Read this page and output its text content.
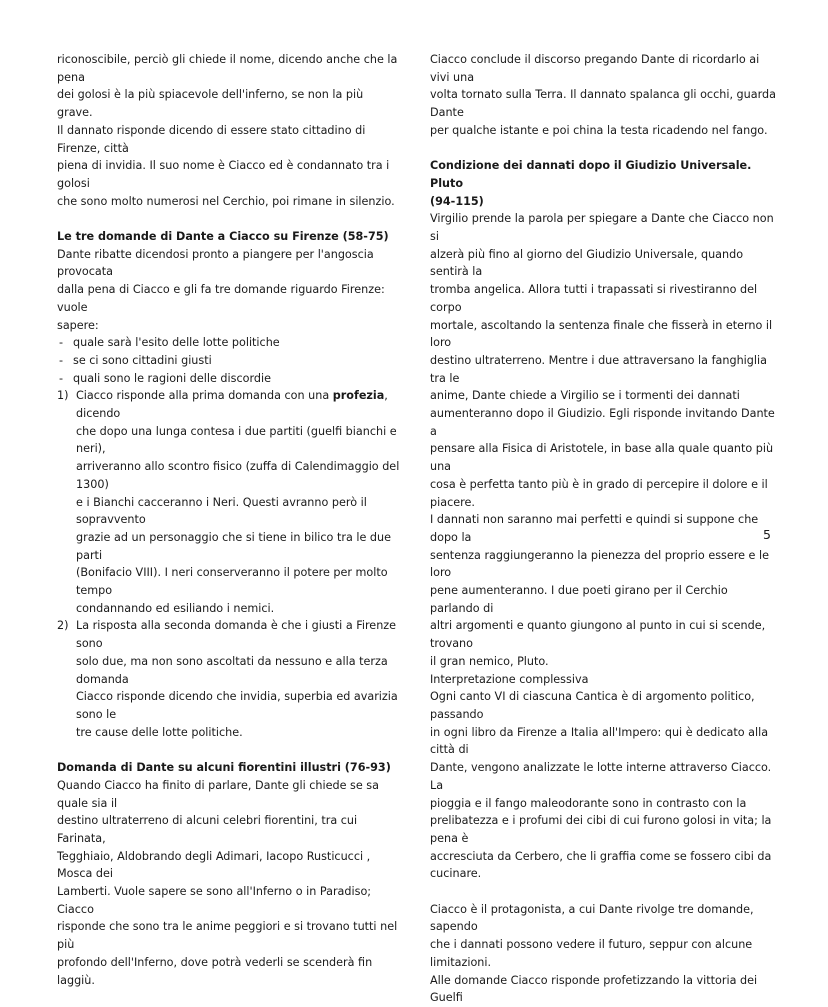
riconoscibile, perciò gli chiede il nome, dicendo anche che la pena
dei golosi è la più spiacevole dell'inferno, se non la più grave.
Il dannato risponde dicendo di essere stato cittadino di Firenze, città
piena di invidia. Il suo nome è Ciacco ed è condannato tra i golosi
che sono molto numerosi nel Cerchio, poi rimane in silenzio.

Le tre domande di Dante a Ciacco su Firenze (58-75)

Dante ribatte dicendosi pronto a piangere per l'angoscia provocata
dalla pena di Ciacco e gli fa tre domande riguardo Firenze: vuole
sapere:

- quale sarà l'esito delle lotte politiche
- se ci sono cittadini giusti
- quali sono le ragioni delle discordie
1) Ciacco risponde alla prima domanda con una profezia, dicendo
che dopo una lunga contesa i due partiti (guelfi bianchi e neri),
arriveranno allo scontro fisico (zuffa di Calendimaggio del 1300)
e i Bianchi cacceranno i Neri. Questi avranno però il sopravvento
grazie ad un personaggio che si tiene in bilico tra le due parti
(Bonifacio VIII). I neri conserveranno il potere per molto tempo
condannando ed esiliando i nemici.
2) La risposta alla seconda domanda è che i giusti a Firenze sono
solo due, ma non sono ascoltati da nessuno e alla terza domanda
Ciacco risponde dicendo che invidia, superbia ed avarizia sono le
tre cause delle lotte politiche.

Domanda di Dante su alcuni fiorentini illustri (76-93)

Quando Ciacco ha finito di parlare, Dante gli chiede se sa quale sia il
destino ultraterreno di alcuni celebri fiorentini, tra cui Farinata,
Tegghiaio, Aldobrando degli Adimari, Iacopo Rusticucci , Mosca dei
Lamberti. Vuole sapere se sono all'Inferno o in Paradiso; Ciacco
risponde che sono tra le anime peggiori e si trovano tutti nel più
profondo dell'Inferno, dove potrà vederli se scenderà fin laggiù.

Ciacco conclude il discorso pregando Dante di ricordarlo ai vivi una
volta tornato sulla Terra. Il dannato spalanca gli occhi, guarda Dante
per qualche istante e poi china la testa ricadendo nel fango.

Condizione dei dannati dopo il Giudizio Universale. Pluto
(94-115)

Virgilio prende la parola per spiegare a Dante che Ciacco non si
alzerà più fino al giorno del Giudizio Universale, quando sentirà la
tromba angelica. Allora tutti i trapassati si rivestiranno del corpo
mortale, ascoltando la sentenza finale che fisserà in eterno il loro
destino ultraterreno. Mentre i due attraversano la fanghiglia tra le
anime, Dante chiede a Virgilio se i tormenti dei dannati
aumenteranno dopo il Giudizio. Egli risponde invitando Dante a
pensare alla Fisica di Aristotele, in base alla quale quanto più una
cosa è perfetta tanto più è in grado di percepire il dolore e il piacere.
I dannati non saranno mai perfetti e quindi si suppone che dopo la
sentenza raggiungeranno la pienezza del proprio essere e le loro
pene aumenteranno. I due poeti girano per il Cerchio parlando di
altri argomenti e quanto giungono al punto in cui si scende, trovano
il gran nemico, Pluto.

Interpretazione complessiva

Ogni canto VI di ciascuna Cantica è di argomento politico, passando
in ogni libro da Firenze a Italia all'Impero: qui è dedicato alla città di
Dante, vengono analizzate le lotte interne attraverso Ciacco. La
pioggia e il fango maleodorante sono in contrasto con la
prelibatezza e i profumi dei cibi di cui furono golosi in vita; la pena è
accresciuta da Cerbero, che li graffia come se fossero cibi da
cucinare.

Ciacco è il protagonista, a cui Dante rivolge tre domande, sapendo
che i dannati possono vedere il futuro, seppur con alcune limitazioni.
Alle domande Ciacco risponde profetizzando la vittoria dei Guelfi

5
